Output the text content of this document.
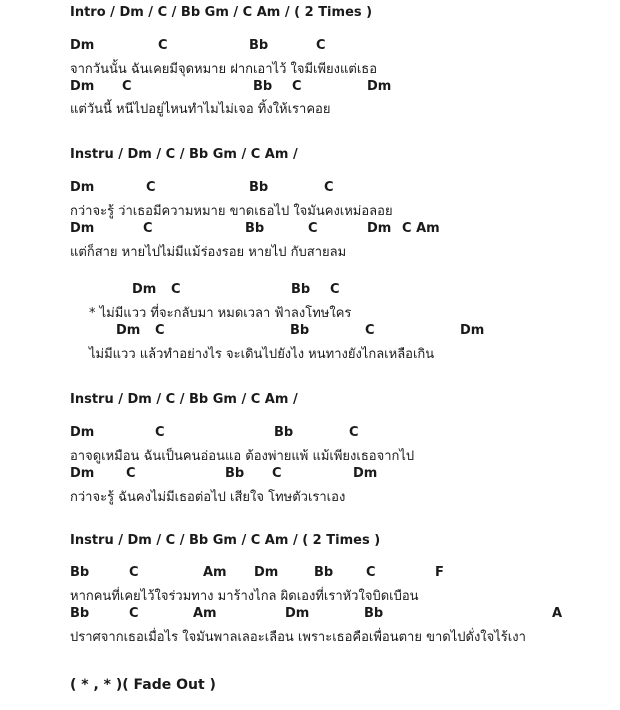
Intro / Dm / C / Bb Gm / C Am / ( 2 Times )
Instru / Dm / C / Bb Gm / C Am /
Instru / Dm / C / Bb Gm / C Am /
Instru / Dm / C / Bb Gm / C Am / ( 2 Times )
( * , * )( Fade Out )
Dm	C	Bb	C
จากวันนั้น ฉันเคยมีจุดหมาย ฝากเอาไว้ ใจมีเพียงแต่เธอ
Dm C	Bb C	Dm
แต่วันนี้ หนีไปอยู่ไหนทำไมไม่เจอ ทิ้งให้เราคอย
Dm	C	Bb	C
กว่าจะรู้ ว่าเธอมีความหมาย ขาดเธอไป ใจมันคงเหม่อลอย
Dm	C	Bb	C	Dm C Am
แต่ก็สาย หายไปไม่มีแม้ร่องรอย หายไป กับสายลม
Dm C	Bb C
* ไม่มีแวว ที่จะกลับมา หมดเวลา ฟ้าลงโทษใคร
Dm C	Bb	C	Dm
ไม่มีแวว แล้วทำอย่างไร จะเดินไปยังไง หนทางยังไกลเหลือเกิน
Dm	C	Bb	C
อาจดูเหมือน ฉันเป็นคนอ่อนแอ ต้องพ่ายแพ้ แม้เพียงเธอจากไป
Dm C	Bb C	Dm
กว่าจะรู้ ฉันคงไม่มีเธอต่อไป เสียใจ โทษตัวเราเอง
Bb	C	Am Dm	Bb	C	F
หากคนที่เคยไว้ใจร่วมทาง มาร้างไกล ผิดเองที่เราหัวใจบิดเบือน
Bb	C	Am	Dm	Bb	A
ปราศจากเธอเมื่อไร ใจมันพาลเลอะเลือน เพราะเธอคือเพื่อนตาย ขาดไปดั่งใจไร้เงา
